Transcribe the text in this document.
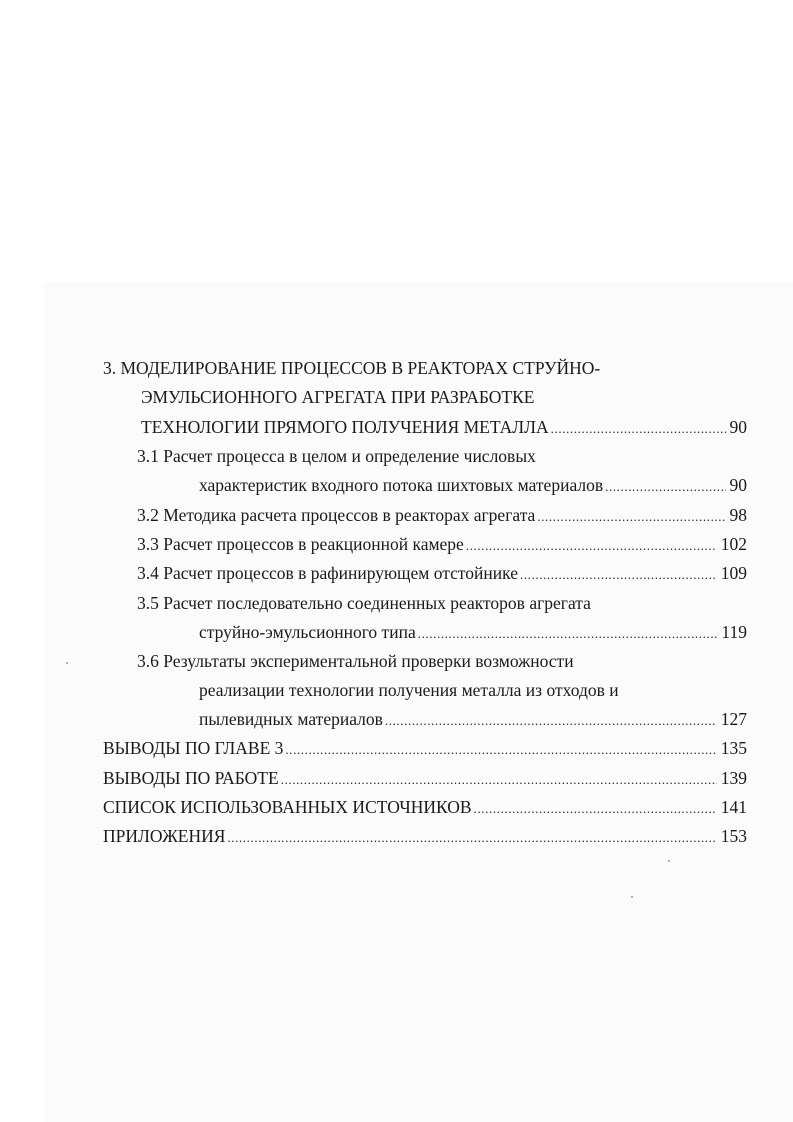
3. МОДЕЛИРОВАНИЕ ПРОЦЕССОВ В РЕАКТОРАХ СТРУЙНО-
ЭМУЛЬСИОННОГО АГРЕГАТА ПРИ РАЗРАБОТКЕ
ТЕХНОЛОГИИ ПРЯМОГО ПОЛУЧЕНИЯ МЕТАЛЛА .....	90
3.1 Расчет процесса в целом и определение числовых
характеристик входного потока шихтовых материалов .....	90
3.2 Методика расчета процессов в реакторах агрегата .....	98
3.3 Расчет процессов в реакционной камере .....	102
3.4 Расчет процессов в рафинирующем отстойнике .....	109
3.5 Расчет последовательно соединенных реакторов агрегата
струйно-эмульсионного типа .....	119
3.6 Результаты экспериментальной проверки возможности
реализации технологии получения металла из отходов и
пылевидных материалов .....	127
ВЫВОДЫ ПО ГЛАВЕ 3 .....	135
ВЫВОДЫ ПО РАБОТЕ .....	139
СПИСОК ИСПОЛЬЗОВАННЫХ ИСТОЧНИКОВ .....	141
ПРИЛОЖЕНИЯ .....	153
